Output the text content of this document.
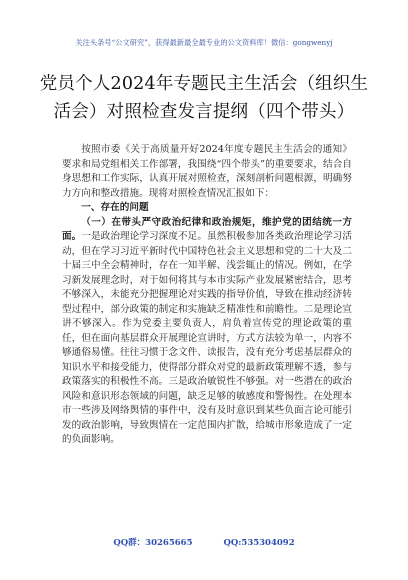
关注头条号“公文研究”，获得最新最全最专业的公文资料库！微信：gongwenyj
党员个人2024年专题民主生活会（组织生
活会）对照检查发言提纲（四个带头）

按照市委《关于高质量开好2024年度专题民主生活会的通知》要求和局党组相关工作部署，我围绕“四个带头”的重要要求，结合自身思想和工作实际，认真开展对照检查，深刻剖析问题根源，明确努力方向和整改措施。现将对照检查情况汇报如下：

一、存在的问题

（一）在带头严守政治纪律和政治规矩，维护党的团结统一方面。一是政治理论学习深度不足。虽然积极参加各类政治理论学习活动，但在学习习近平新时代中国特色社会主义思想和党的二十大及二十届三中全会精神时，存在一知半解、浅尝辄止的情况。例如，在学习新发展理念时，对于如何将其与本市实际产业发展紧密结合，思考不够深入，未能充分把握理论对实践的指导价值，导致在推动经济转型过程中，部分政策的制定和实施缺乏精准性和前瞻性。二是理论宣讲不够深入。作为党委主要负责人，肩负着宣传党的理论政策的重任，但在面向基层群众开展理论宣讲时，方式方法较为单一，内容不够通俗易懂。往往习惯于念文件、读报告，没有充分考虑基层群众的知识水平和接受能力，使得部分群众对党的最新政策理解不透，参与政策落实的积极性不高。三是政治敏锐性不够强。对一些潜在的政治风险和意识形态领域的问题，缺乏足够的敏感度和警惕性。在处理本市一些涉及网络舆情的事件中，没有及时意识到某些负面言论可能引发的政治影响，导致舆情在一定范围内扩散，给城市形象造成了一定的负面影响。

QQ群：30265665	QQ:535304092
